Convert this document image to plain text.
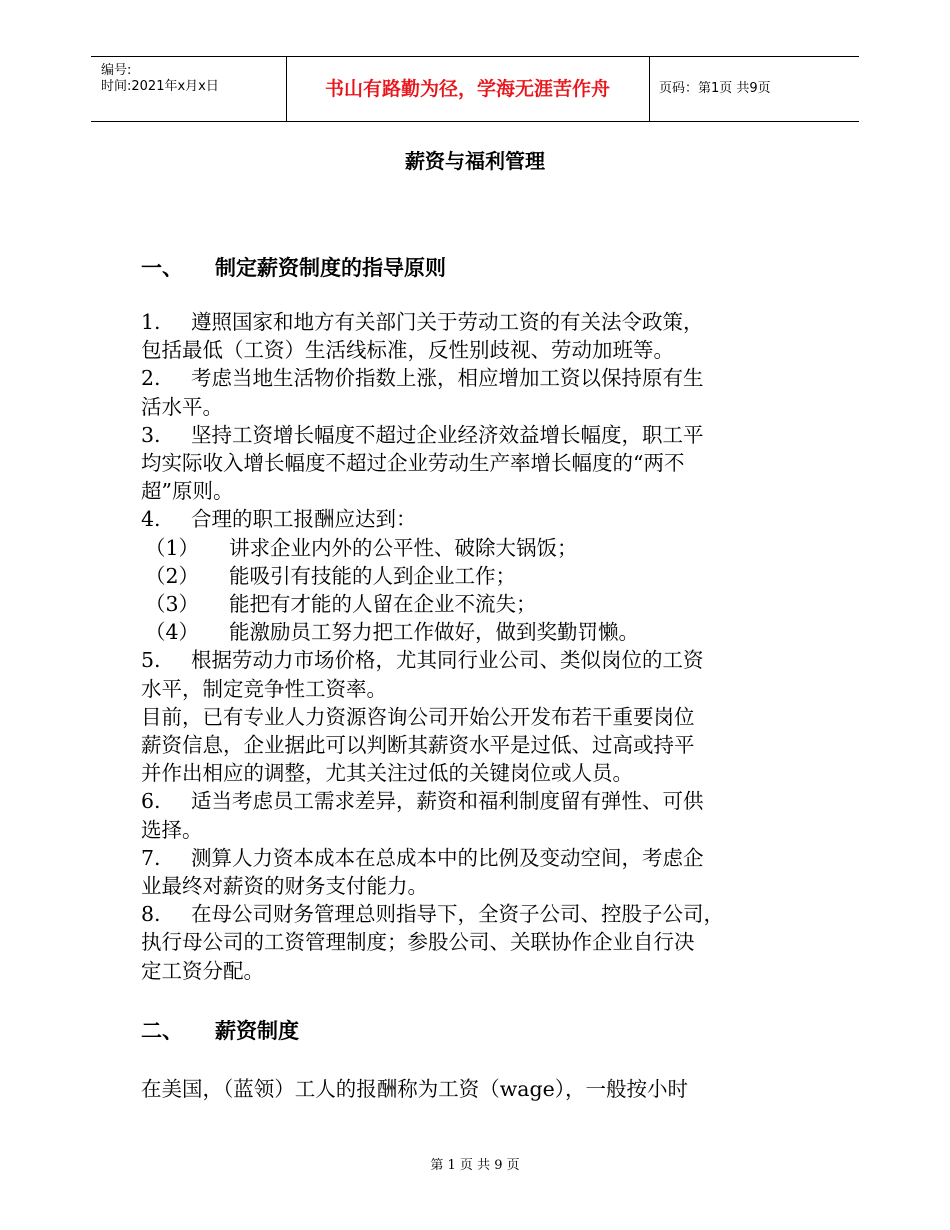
编号:
时间:2021年x月x日	书山有路勤为径，学海无涯苦作舟	页码：第1页 共9页
薪资与福利管理
一、 制定薪资制度的指导原则
1. 遵照国家和地方有关部门关于劳动工资的有关法令政策，
包括最低（工资）生活线标准，反性别歧视、劳动加班等。
2. 考虑当地生活物价指数上涨，相应增加工资以保持原有生
活水平。
3. 坚持工资增长幅度不超过企业经济效益增长幅度，职工平
均实际收入增长幅度不超过企业劳动生产率增长幅度的“两不
超”原则。
4. 合理的职工报酬应达到：
（1） 讲求企业内外的公平性、破除大锅饭；
（2） 能吸引有技能的人到企业工作；
（3） 能把有才能的人留在企业不流失；
（4） 能激励员工努力把工作做好，做到奖勤罚懒。
5. 根据劳动力市场价格，尤其同行业公司、类似岗位的工资
水平，制定竞争性工资率。
目前，已有专业人力资源咨询公司开始公开发布若干重要岗位
薪资信息，企业据此可以判断其薪资水平是过低、过高或持平
并作出相应的调整，尤其关注过低的关键岗位或人员。
6. 适当考虑员工需求差异，薪资和福利制度留有弹性、可供
选择。
7. 测算人力资本成本在总成本中的比例及变动空间，考虑企
业最终对薪资的财务支付能力。
8. 在母公司财务管理总则指导下，全资子公司、控股子公司，
执行母公司的工资管理制度；参股公司、关联协作企业自行决
定工资分配。
二、 薪资制度
在美国，（蓝领）工人的报酬称为工资（wage），一般按小时
第 1 页 共 9 页
